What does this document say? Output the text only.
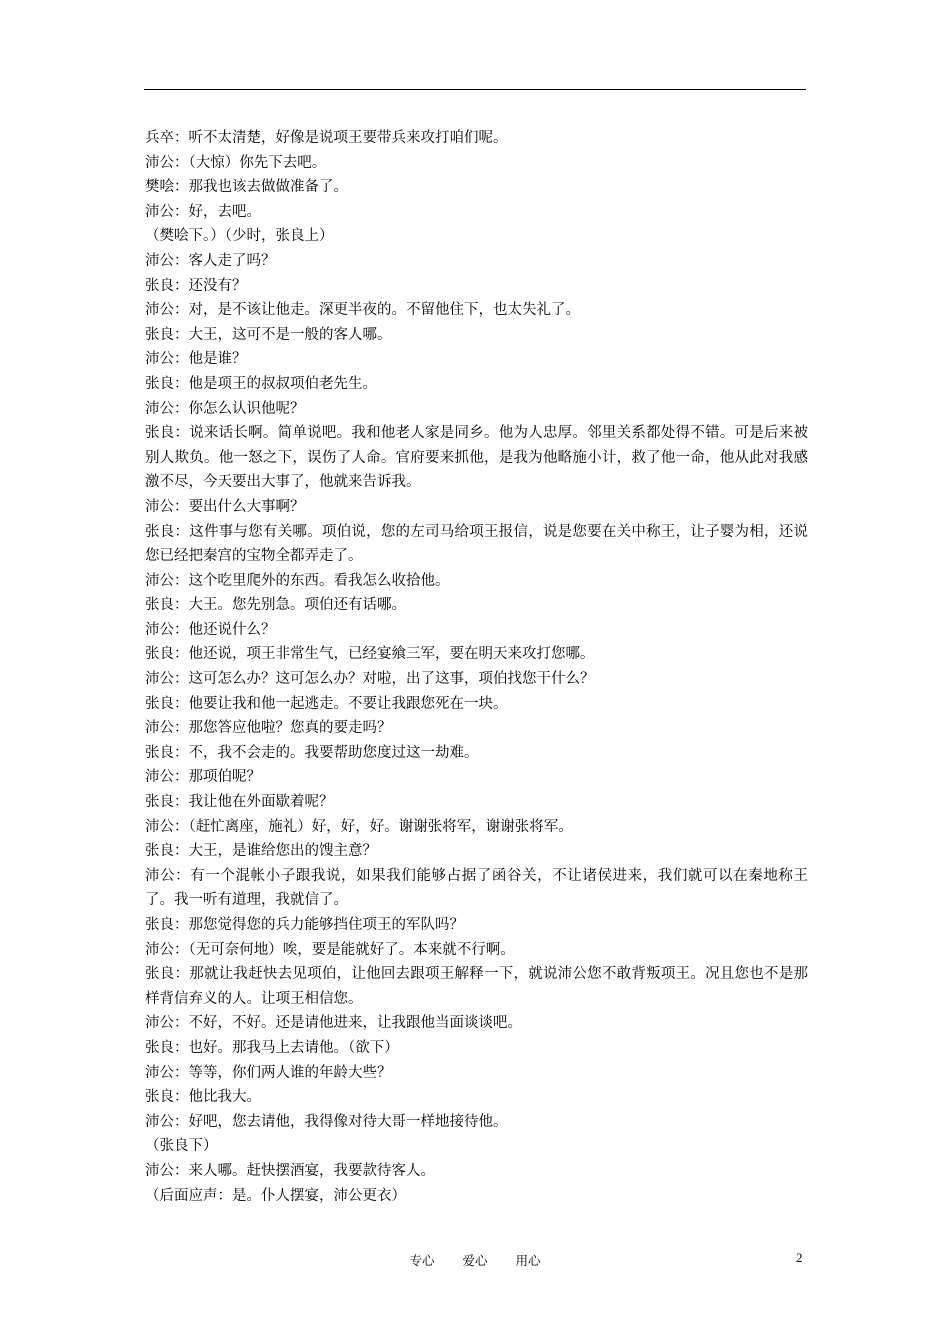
兵卒：听不太清楚，好像是说项王要带兵来攻打咱们呢。

沛公：（大惊）你先下去吧。

樊哙：那我也该去做做准备了。

沛公：好，去吧。

（樊哙下。）（少时，张良上）

沛公：客人走了吗？

张良：还没有？

沛公：对，是不该让他走。深更半夜的。不留他住下，也太失礼了。

张良：大王，这可不是一般的客人哪。

沛公：他是谁？

张良：他是项王的叔叔项伯老先生。

沛公：你怎么认识他呢？

张良：说来话长啊。简单说吧。我和他老人家是同乡。他为人忠厚。邻里关系都处得不错。可是后来被别人欺负。他一怒之下，误伤了人命。官府要来抓他，是我为他略施小计，救了他一命，他从此对我感激不尽，今天要出大事了，他就来告诉我。

沛公：要出什么大事啊？

张良：这件事与您有关哪。项伯说，您的左司马给项王报信，说是您要在关中称王，让子婴为相，还说您已经把秦宫的宝物全都弄走了。

沛公：这个吃里爬外的东西。看我怎么收拾他。

张良：大王。您先别急。项伯还有话哪。

沛公：他还说什么？

张良：他还说，项王非常生气，已经宴飨三军，要在明天来攻打您哪。

沛公：这可怎么办？这可怎么办？对啦，出了这事，项伯找您干什么？

张良：他要让我和他一起逃走。不要让我跟您死在一块。

沛公：那您答应他啦？您真的要走吗？

张良：不，我不会走的。我要帮助您度过这一劫难。

沛公：那项伯呢？

张良：我让他在外面歇着呢？

沛公：（赶忙离座，施礼）好，好，好。谢谢张将军，谢谢张将军。

张良：大王，是谁给您出的馊主意？

沛公：有一个混帐小子跟我说，如果我们能够占据了函谷关，不让诸侯进来，我们就可以在秦地称王了。我一听有道理，我就信了。

张良：那您觉得您的兵力能够挡住项王的军队吗？

沛公：（无可奈何地）唉，要是能就好了。本来就不行啊。

张良：那就让我赶快去见项伯，让他回去跟项王解释一下，就说沛公您不敢背叛项王。况且您也不是那样背信弃义的人。让项王相信您。

沛公：不好，不好。还是请他进来，让我跟他当面谈谈吧。

张良：也好。那我马上去请他。（欲下）

沛公：等等，你们两人谁的年龄大些？

张良：他比我大。

沛公：好吧，您去请他，我得像对待大哥一样地接待他。

（张良下）

沛公：来人哪。赶快摆酒宴，我要款待客人。

（后面应声：是。仆人摆宴，沛公更衣）

专心  爱心  用心	2
